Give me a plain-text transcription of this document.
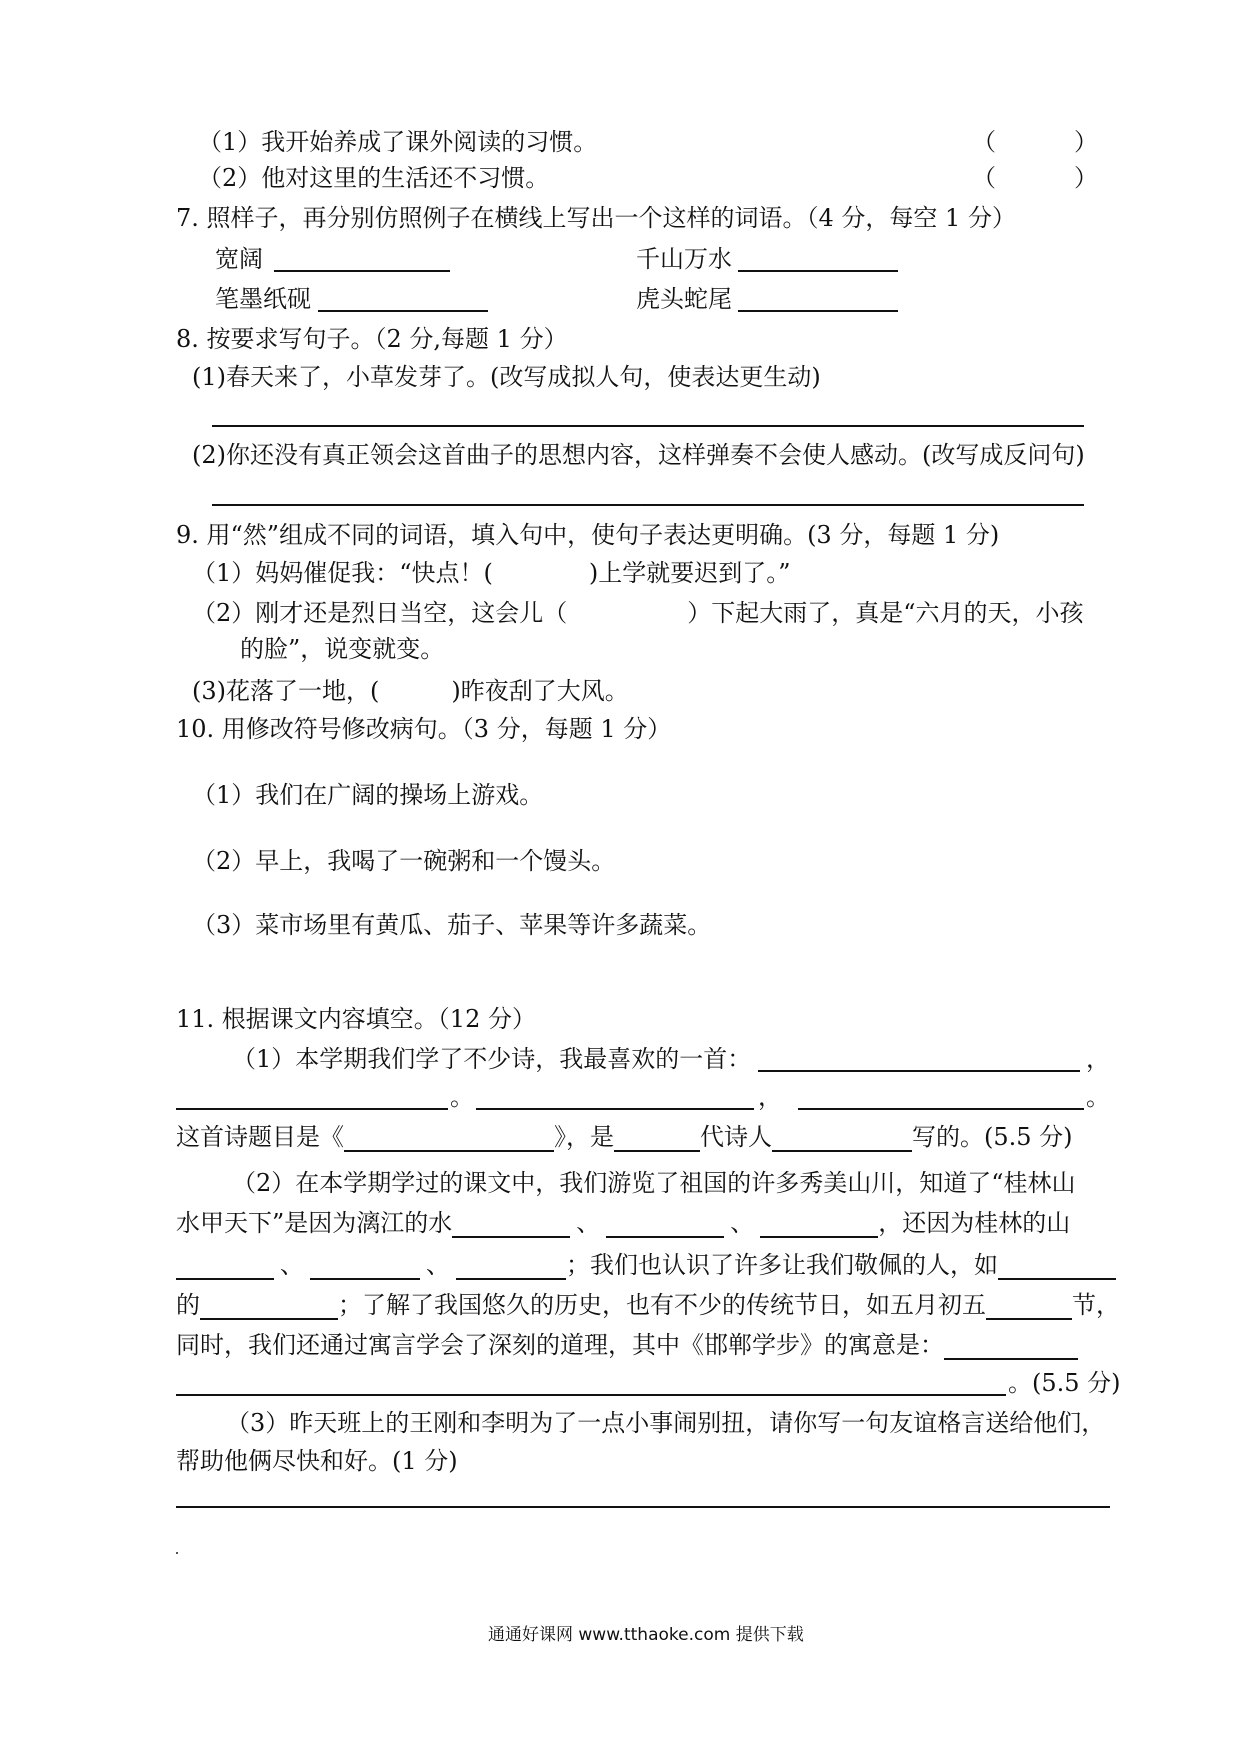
（1）我开始养成了课外阅读的习惯。	（	）
（2）他对这里的生活还不习惯。	（	）
7. 照样子，再分别仿照例子在横线上写出一个这样的词语。（4 分，每空 1 分）
宽阔	千山万水
笔墨纸砚	虎头蛇尾
8. 按要求写句子。（2 分,每题 1 分）
(1)春天来了，小草发芽了。(改写成拟人句，使表达更生动)
(2)你还没有真正领会这首曲子的思想内容，这样弹奏不会使人感动。(改写成反问句)
9. 用“然”组成不同的词语，填入句中，使句子表达更明确。(3 分，每题 1 分)
（1）妈妈催促我：“快点！(	)上学就要迟到了。”
（2）刚才还是烈日当空，这会儿（	）下起大雨了，真是“六月的天，小孩
的脸”，说变就变。
(3)花落了一地，(	)昨夜刮了大风。
10. 用修改符号修改病句。（3 分，每题 1 分）
（1）我们在广阔的操场上游戏。
（2）早上，我喝了一碗粥和一个馒头。
（3）菜市场里有黄瓜、茄子、苹果等许多蔬菜。
11. 根据课文内容填空。（12 分）
（1）本学期我们学了不少诗，我最喜欢的一首：	，
。	，	。
这首诗题目是《	》，是	代诗人	写的。(5.5 分)
（2）在本学期学过的课文中，我们游览了祖国的许多秀美山川，知道了“桂林山
水甲天下”是因为漓江的水	、	、	，还因为桂林的山
、	、	；我们也认识了许多让我们敬佩的人，如
的	；了解了我国悠久的历史，也有不少的传统节日，如五月初五	节，
同时，我们还通过寓言学会了深刻的道理，其中《邯郸学步》的寓意是：
。(5.5 分)
（3）昨天班上的王刚和李明为了一点小事闹别扭，请你写一句友谊格言送给他们，
帮助他俩尽快和好。(1 分)
通通好课网 www.tthaoke.com 提供下载
